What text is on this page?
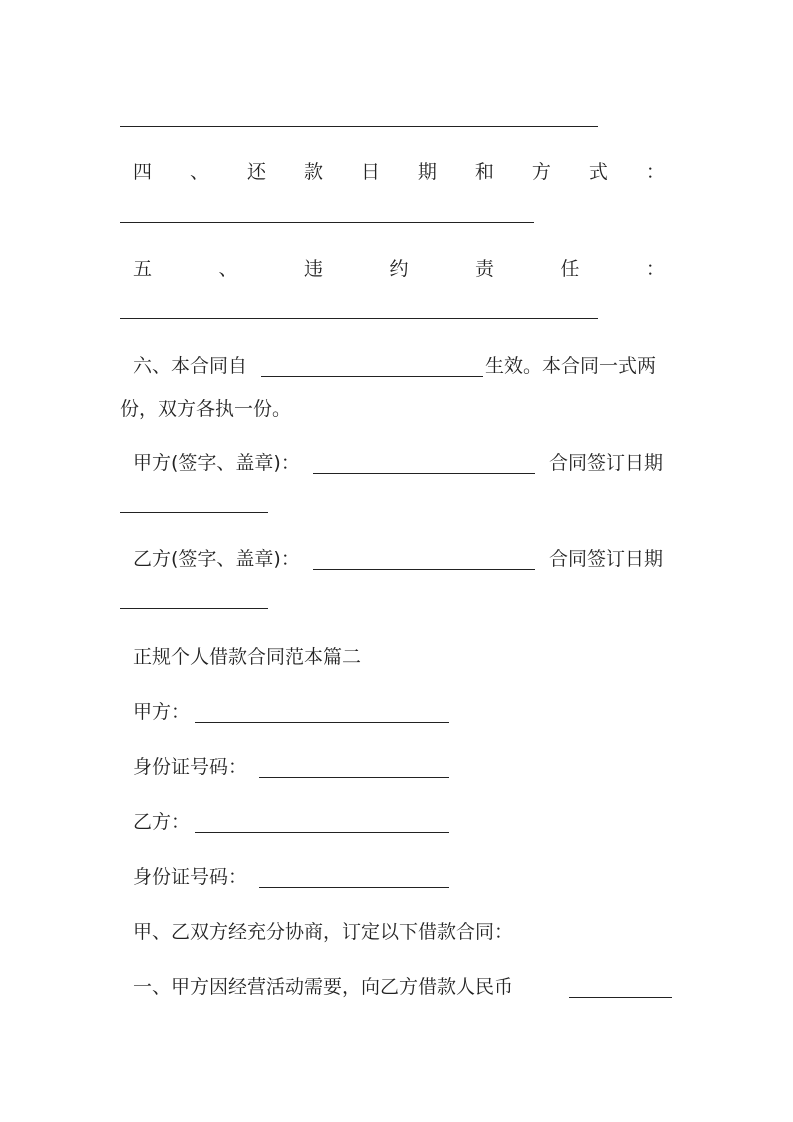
四 、 还 款 日 期 和 方 式 ：
五	、	违	约	责	任	：
六、本合同自	生效。本合同一式两
份，双方各执一份。
甲方(签字、盖章)：	合同签订日期
乙方(签字、盖章)：	合同签订日期
正规个人借款合同范本篇二
甲方：
身份证号码：
乙方：
身份证号码：
甲、乙双方经充分协商，订定以下借款合同：
一、甲方因经营活动需要，向乙方借款人民币
